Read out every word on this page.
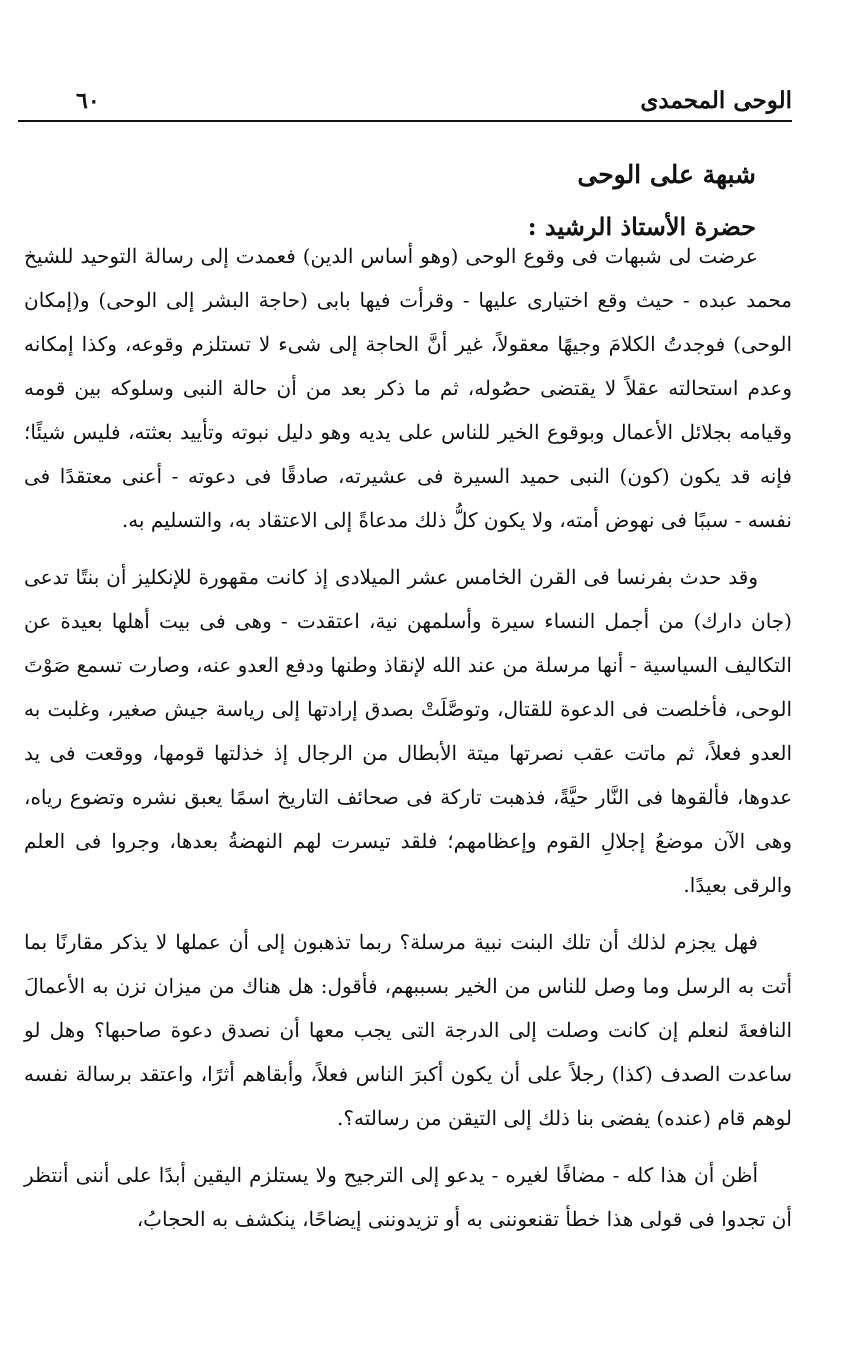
الوحى المحمدى
٦٠
شبهة على الوحى
حضرة الأستاذ الرشيد :

عرضت لى شبهات فى وقوع الوحى (وهو أساس الدين) فعمدت إلى رسالة التوحيد للشيخ محمد عبده - حيث وقع اختيارى عليها - وقرأت فيها بابى (حاجة البشر إلى الوحى) و(إمكان الوحى) فوجدتُ الكلامَ وجيهًا معقولاً، غير أنَّ الحاجة إلى شىء لا تستلزم وقوعه، وكذا إمكانه وعدم استحالته عقلاً لا يقتضى حصُوله، ثم ما ذكر بعد من أن حالة النبى وسلوكه بين قومه وقيامه بجلائل الأعمال وبوقوع الخير للناس على يديه وهو دليل نبوته وتأييد بعثته، فليس شيئًا؛ فإنه قد يكون (كون) النبى حميد السيرة فى عشيرته، صادقًا فى دعوته - أعنى معتقدًا فى نفسه - سببًا فى نهوض أمته، ولا يكون كلُّ ذلك مدعاةً إلى الاعتقاد به، والتسليم به.

وقد حدث بفرنسا فى القرن الخامس عشر الميلادى إذ كانت مقهورة للإنكليز أن بنتًا تدعى (جان دارك) من أجمل النساء سيرة وأسلمهن نية، اعتقدت - وهى فى بيت أهلها بعيدة عن التكاليف السياسية - أنها مرسلة من عند الله لإنقاذ وطنها ودفع العدو عنه، وصارت تسمع صَوْتَ الوحى، فأخلصت فى الدعوة للقتال، وتوصَّلَتْ بصدق إرادتها إلى رياسة جيش صغير، وغلبت به العدو فعلاً، ثم ماتت عقب نصرتها ميتة الأبطال من الرجال إذ خذلتها قومها، ووقعت فى يد عدوها، فألقوها فى النَّار حيَّةً، فذهبت تاركة فى صحائف التاريخ اسمًا يعبق نشره وتضوع رياه، وهى الآن موضعُ إجلالِ القوم وإعظامهم؛ فلقد تيسرت لهم النهضةُ بعدها، وجروا فى العلم والرقى بعيدًا.

فهل يجزم لذلك أن تلك البنت نبية مرسلة؟ ربما تذهبون إلى أن عملها لا يذكر مقارنًا بما أتت به الرسل وما وصل للناس من الخير بسببهم، فأقول: هل هناك من ميزان نزن به الأعمالَ النافعةَ لنعلم إن كانت وصلت إلى الدرجة التى يجب معها أن نصدق دعوة صاحبها؟ وهل لو ساعدت الصدف (كذا) رجلاً على أن يكون أكبرَ الناس فعلاً، وأبقاهم أثرًا، واعتقد برسالة نفسه لوهم قام (عنده) يفضى بنا ذلك إلى التيقن من رسالته؟.

أظن أن هذا كله - مضافًا لغيره - يدعو إلى الترجيح ولا يستلزم اليقين أبدًا على أننى أنتظر أن تجدوا فى قولى هذا خطأ تقنعوننى به أو تزيدوننى إيضاحًا، ينكشف به الحجابُ،
